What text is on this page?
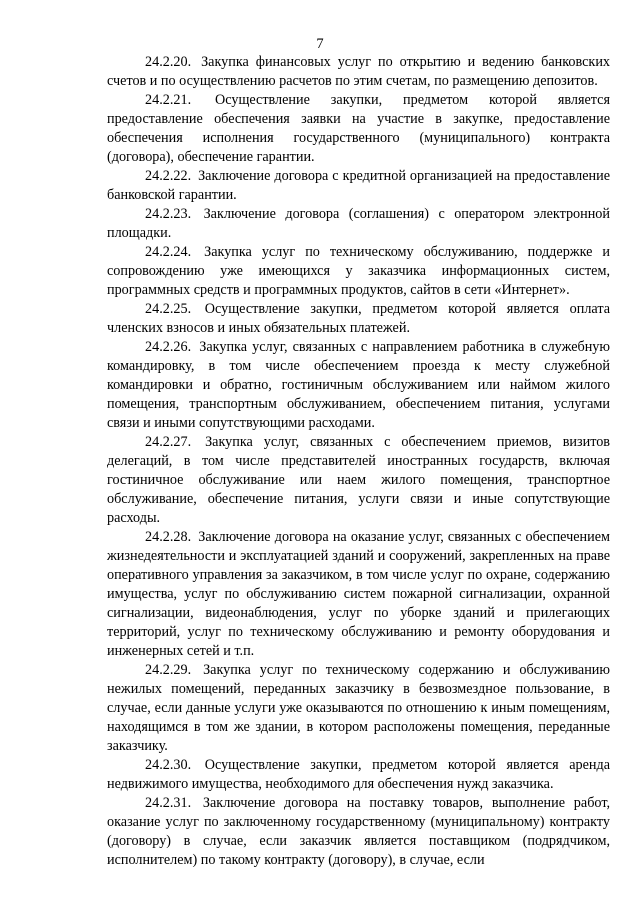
7

24.2.20. Закупка финансовых услуг по открытию и ведению банковских счетов и по осуществлению расчетов по этим счетам, по размещению депозитов.

24.2.21. Осуществление закупки, предметом которой является предоставление обеспечения заявки на участие в закупке, предоставление обеспечения исполнения государственного (муниципального) контракта (договора), обеспечение гарантии.

24.2.22. Заключение договора с кредитной организацией на предоставление банковской гарантии.

24.2.23. Заключение договора (соглашения) с оператором электронной площадки.

24.2.24. Закупка услуг по техническому обслуживанию, поддержке и сопровождению уже имеющихся у заказчика информационных систем, программных средств и программных продуктов, сайтов в сети «Интернет».

24.2.25. Осуществление закупки, предметом которой является оплата членских взносов и иных обязательных платежей.

24.2.26. Закупка услуг, связанных с направлением работника в служебную командировку, в том числе обеспечением проезда к месту служебной командировки и обратно, гостиничным обслуживанием или наймом жилого помещения, транспортным обслуживанием, обеспечением питания, услугами связи и иными сопутствующими расходами.

24.2.27. Закупка услуг, связанных с обеспечением приемов, визитов делегаций, в том числе представителей иностранных государств, включая гостиничное обслуживание или наем жилого помещения, транспортное обслуживание, обеспечение питания, услуги связи и иные сопутствующие расходы.

24.2.28. Заключение договора на оказание услуг, связанных с обеспечением жизнедеятельности и эксплуатацией зданий и сооружений, закрепленных на праве оперативного управления за заказчиком, в том числе услуг по охране, содержанию имущества, услуг по обслуживанию систем пожарной сигнализации, охранной сигнализации, видеонаблюдения, услуг по уборке зданий и прилегающих территорий, услуг по техническому обслуживанию и ремонту оборудования и инженерных сетей и т.п.

24.2.29. Закупка услуг по техническому содержанию и обслуживанию нежилых помещений, переданных заказчику в безвозмездное пользование, в случае, если данные услуги уже оказываются по отношению к иным помещениям, находящимся в том же здании, в котором расположены помещения, переданные заказчику.

24.2.30. Осуществление закупки, предметом которой является аренда недвижимого имущества, необходимого для обеспечения нужд заказчика.

24.2.31. Заключение договора на поставку товаров, выполнение работ, оказание услуг по заключенному государственному (муниципальному) контракту (договору) в случае, если заказчик является поставщиком (подрядчиком, исполнителем) по такому контракту (договору), в случае, если
